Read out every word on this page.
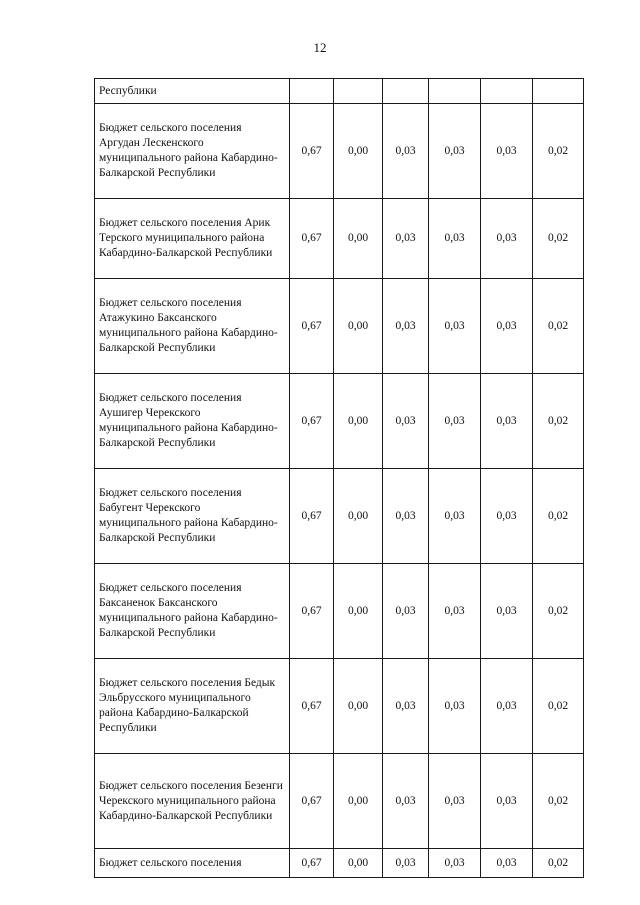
12
Республики						
Бюджет сельского поселения Аргудан Лескенского муниципального района Кабардино-Балкарской Республики	0,67	0,00	0,03	0,03	0,03	0,02
Бюджет сельского поселения Арик Терского муниципального района Кабардино-Балкарской Республики	0,67	0,00	0,03	0,03	0,03	0,02
Бюджет сельского поселения Атажукино Баксанского муниципального района Кабардино-Балкарской Республики	0,67	0,00	0,03	0,03	0,03	0,02
Бюджет сельского поселения Аушигер Черекского муниципального района Кабардино-Балкарской Республики	0,67	0,00	0,03	0,03	0,03	0,02
Бюджет сельского поселения Бабугент Черекского муниципального района Кабардино-Балкарской Республики	0,67	0,00	0,03	0,03	0,03	0,02
Бюджет сельского поселения Баксаненок Баксанского муниципального района Кабардино-Балкарской Республики	0,67	0,00	0,03	0,03	0,03	0,02
Бюджет сельского поселения Бедык Эльбрусского муниципального района Кабардино-Балкарской Республики	0,67	0,00	0,03	0,03	0,03	0,02
Бюджет сельского поселения Безенги Черекского муниципального района Кабардино-Балкарской Республики	0,67	0,00	0,03	0,03	0,03	0,02
Бюджет сельского поселения	0,67	0,00	0,03	0,03	0,03	0,02
